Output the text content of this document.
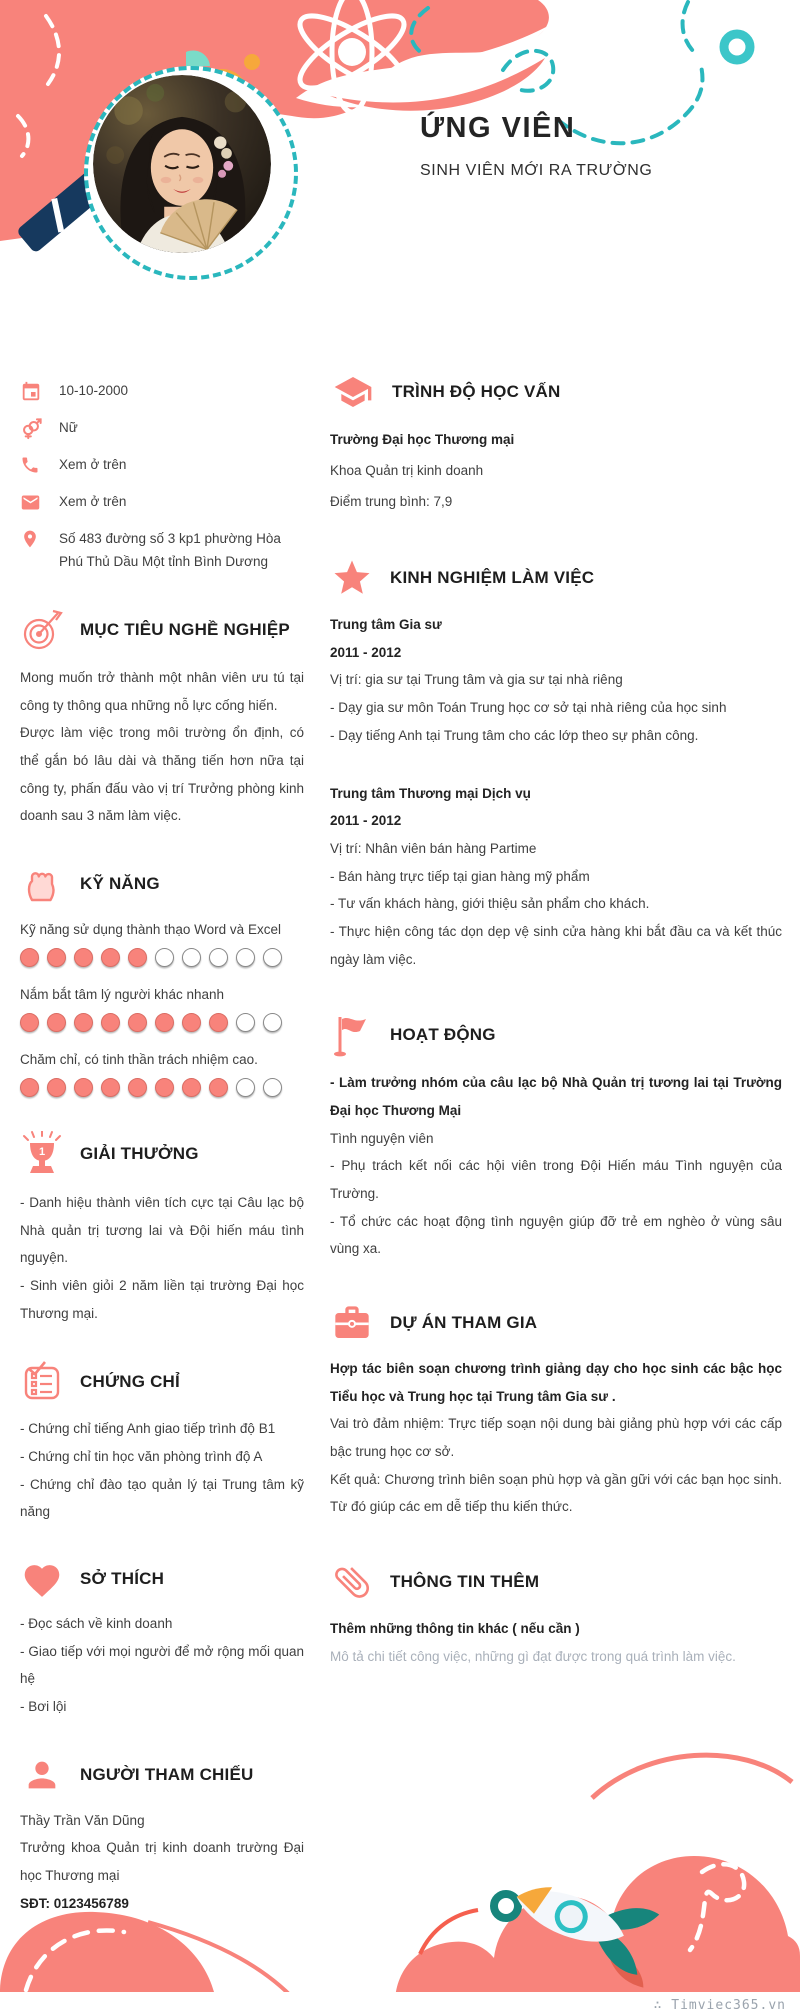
ỨNG VIÊN
SINH VIÊN MỚI RA TRƯỜNG
10-10-2000
Nữ
Xem ở trên
Xem ở trên
Số 483 đường số 3 kp1 phường Hòa Phú Thủ Dầu Một tỉnh Bình Dương
MỤC TIÊU NGHỀ NGHIỆP

Mong muốn trở thành một nhân viên ưu tú tại công ty thông qua những nỗ lực cống hiến.

Được làm việc trong môi trường ổn định, có thể gắn bó lâu dài và thăng tiến hơn nữa tại công ty, phấn đấu vào vị trí Trưởng phòng kinh doanh sau 3 năm làm việc.

KỸ NĂNG

Kỹ năng sử dụng thành thạo Word và Excel

Nắm bắt tâm lý người khác nhanh

Chăm chỉ, có tinh thần trách nhiệm cao.

1 GIẢI THƯỞNG

- Danh hiệu thành viên tích cực tại Câu lạc bộ Nhà quản trị tương lai và Đội hiến máu tình nguyện.

- Sinh viên giỏi 2 năm liền tại trường Đại học Thương mại.

CHỨNG CHỈ

- Chứng chỉ tiếng Anh giao tiếp trình độ B1

- Chứng chỉ tin học văn phòng trình độ A

- Chứng chỉ đào tạo quản lý tại Trung tâm kỹ năng

SỞ THÍCH

- Đọc sách về kinh doanh

- Giao tiếp với mọi người để mở rộng mối quan hệ

- Bơi lội

NGƯỜI THAM CHIẾU

Thầy Trần Văn Dũng

Trưởng khoa Quản trị kinh doanh trường Đại học Thương mại

SĐT: 0123456789

TRÌNH ĐỘ HỌC VẤN
Trường Đại học Thương mại
Khoa Quản trị kinh doanh
Điểm trung bình: 7,9
KINH NGHIỆM LÀM VIỆC

Trung tâm Gia sư

2011 - 2012

Vị trí: gia sư tại Trung tâm và gia sư tại nhà riêng

- Dạy gia sư môn Toán Trung học cơ sở tại nhà riêng của học sinh

- Dạy tiếng Anh tại Trung tâm cho các lớp theo sự phân công.

Trung tâm Thương mại Dịch vụ

2011 - 2012

Vị trí: Nhân viên bán hàng Partime

- Bán hàng trực tiếp tại gian hàng mỹ phẩm

- Tư vấn khách hàng, giới thiệu sản phẩm cho khách.

- Thực hiện công tác dọn dẹp vệ sinh cửa hàng khi bắt đầu ca và kết thúc ngày làm việc.

HOẠT ĐỘNG

- Làm trưởng nhóm của câu lạc bộ Nhà Quản trị tương lai tại Trường Đại học Thương Mại

Tình nguyện viên

- Phụ trách kết nối các hội viên trong Đội Hiến máu Tình nguyện của Trường.

- Tổ chức các hoạt động tình nguyện giúp đỡ trẻ em nghèo ở vùng sâu vùng xa.

DỰ ÁN THAM GIA

Hợp tác biên soạn chương trình giảng dạy cho học sinh các bậc học Tiểu học và Trung học tại Trung tâm Gia sư .

Vai trò đảm nhiệm: Trực tiếp soạn nội dung bài giảng phù hợp với các cấp bậc trung học cơ sở.

Kết quả: Chương trình biên soạn phù hợp và gần gữi với các bạn học sinh. Từ đó giúp các em dễ tiếp thu kiến thức.

THÔNG TIN THÊM

Thêm những thông tin khác ( nếu cần )

Mô tả chi tiết công việc, những gì đạt được trong quá trình làm việc.

∴ Timviec365.vn
